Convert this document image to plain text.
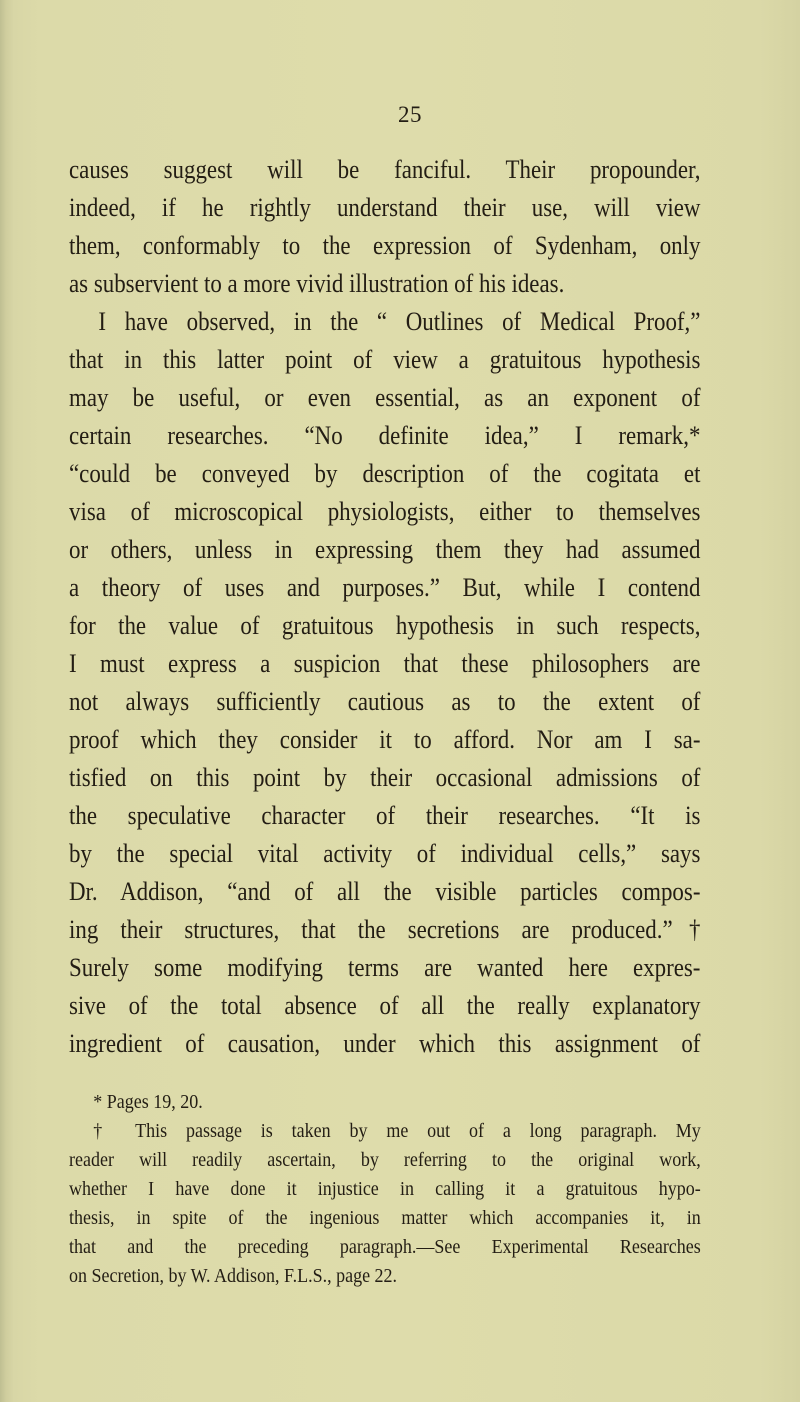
25
causes suggest will be fanciful. Their propounder,
indeed, if he rightly understand their use, will view
them, conformably to the expression of Sydenham, only
as subservient to a more vivid illustration of his ideas.
I have observed, in the “ Outlines of Medical Proof,”
that in this latter point of view a gratuitous hypothesis
may be useful, or even essential, as an exponent of
certain researches. “No definite idea,” I remark,*
“could be conveyed by description of the cogitata et
visa of microscopical physiologists, either to themselves
or others, unless in expressing them they had assumed
a theory of uses and purposes.” But, while I contend
for the value of gratuitous hypothesis in such respects,
I must express a suspicion that these philosophers are
not always sufficiently cautious as to the extent of
proof which they consider it to afford. Nor am I sa-
tisfied on this point by their occasional admissions of
the speculative character of their researches. “It is
by the special vital activity of individual cells,” says
Dr. Addison, “and of all the visible particles compos-
ing their structures, that the secretions are produced.”†
Surely some modifying terms are wanted here expres-
sive of the total absence of all the really explanatory
ingredient of causation, under which this assignment of
* Pages 19, 20.
† This passage is taken by me out of a long paragraph. My
reader will readily ascertain, by referring to the original work,
whether I have done it injustice in calling it a gratuitous hypo-
thesis, in spite of the ingenious matter which accompanies it, in
that and the preceding paragraph.—See Experimental Researches
on Secretion, by W. Addison, F.L.S., page 22.
